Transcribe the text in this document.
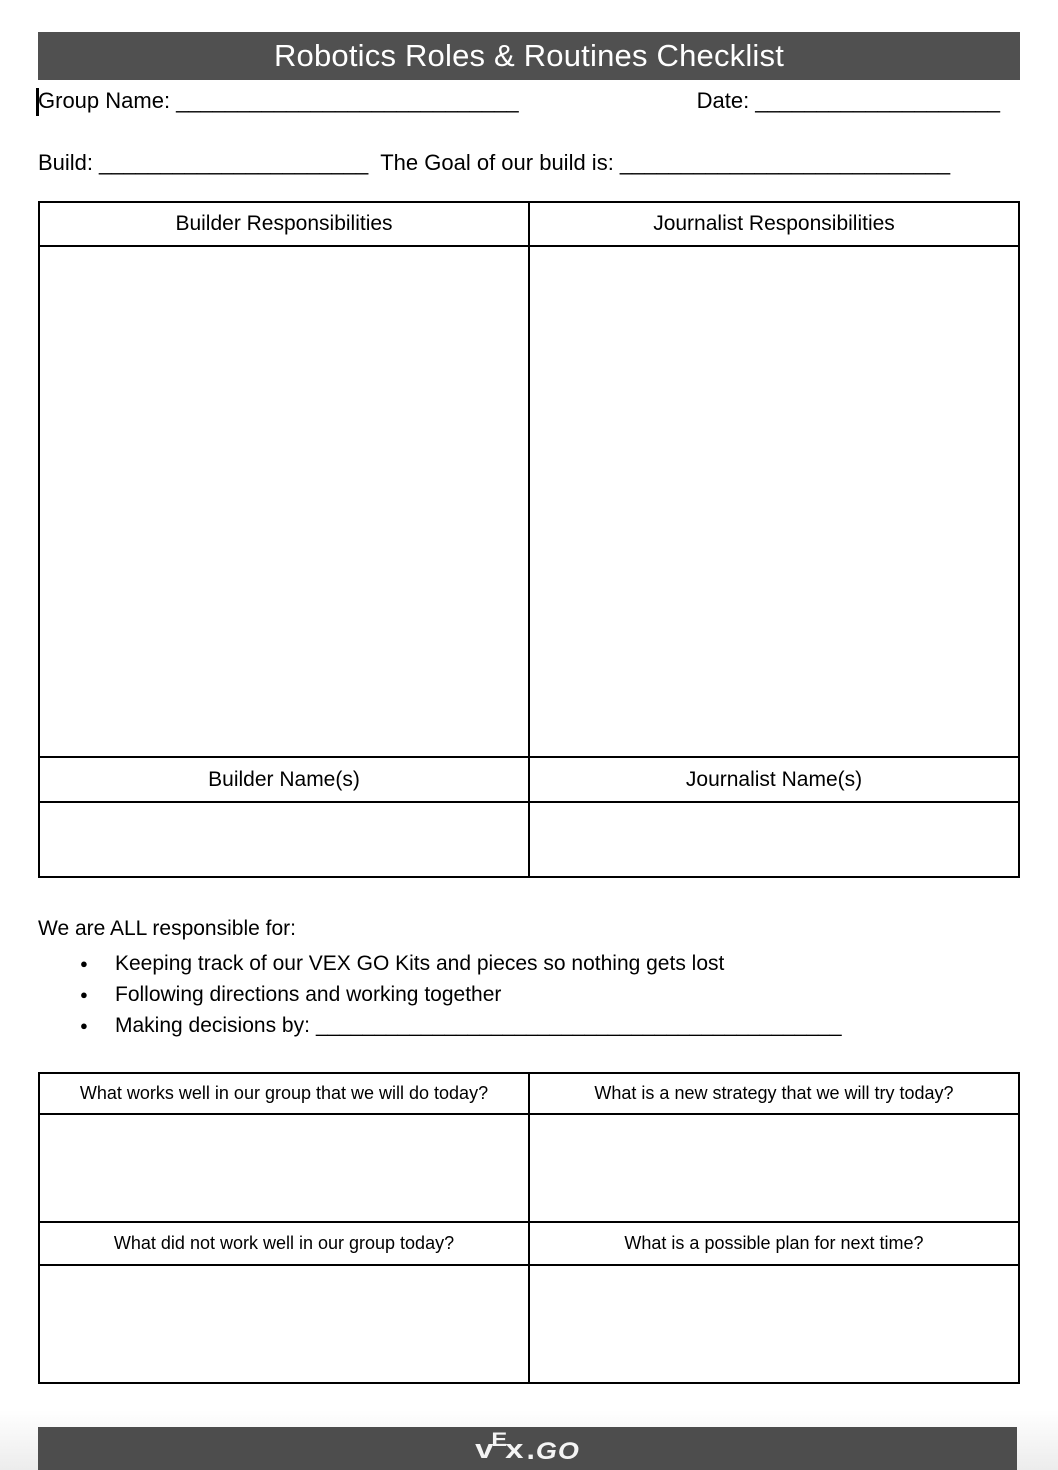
Robotics Roles & Routines Checklist
Group Name: ____________________________	Date: ____________________
Build: ______________________ The Goal of our build is: ___________________________
Builder Responsibilities	Journalist Responsibilities

Builder Name(s)	Journalist Name(s)

We are ALL responsible for:
● Keeping track of our VEX GO Kits and pieces so nothing gets lost
● Following directions and working together
● Making decisions by: _____________________________________________
What works well in our group that we will do today?	What is a new strategy that we will try today?

What did not work well in our group today?	What is a possible plan for next time?

v
E
x . GO
